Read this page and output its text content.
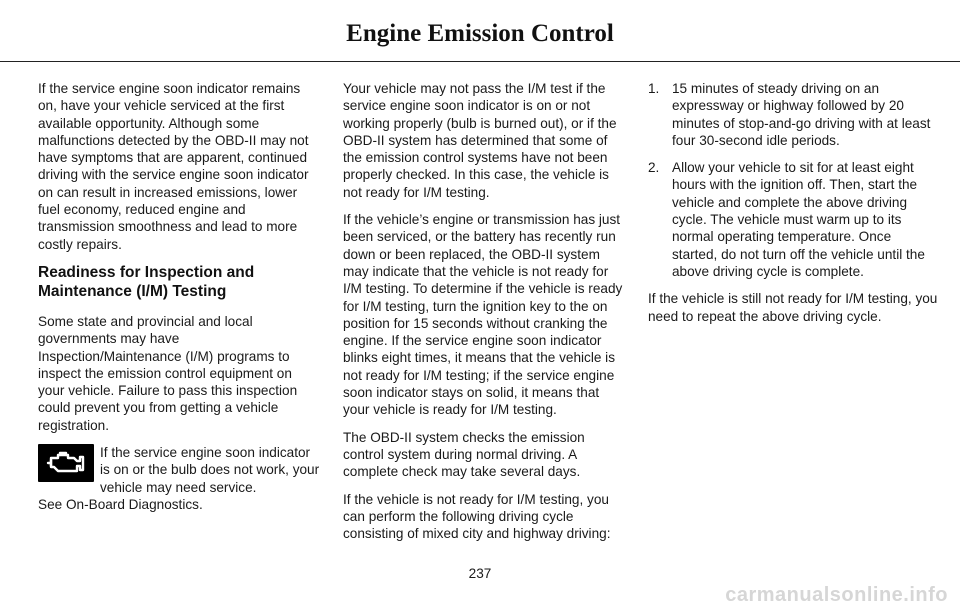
Engine Emission Control

If the service engine soon indicator remains on, have your vehicle serviced at the first available opportunity. Although some malfunctions detected by the OBD-II may not have symptoms that are apparent, continued driving with the service engine soon indicator on can result in increased emissions, lower fuel economy, reduced engine and transmission smoothness and lead to more costly repairs.

Readiness for Inspection and Maintenance (I/M) Testing

Some state and provincial and local governments may have Inspection/Maintenance (I/M) programs to inspect the emission control equipment on your vehicle. Failure to pass this inspection could prevent you from getting a vehicle registration.

If the service engine soon indicator is on or the bulb does not work, your vehicle may need service.

See On-Board Diagnostics.

Your vehicle may not pass the I/M test if the service engine soon indicator is on or not working properly (bulb is burned out), or if the OBD-II system has determined that some of the emission control systems have not been properly checked. In this case, the vehicle is not ready for I/M testing.

If the vehicle’s engine or transmission has just been serviced, or the battery has recently run down or been replaced, the OBD-II system may indicate that the vehicle is not ready for I/M testing. To determine if the vehicle is ready for I/M testing, turn the ignition key to the on position for 15 seconds without cranking the engine. If the service engine soon indicator blinks eight times, it means that the vehicle is not ready for I/M testing; if the service engine soon indicator stays on solid, it means that your vehicle is ready for I/M testing.

The OBD-II system checks the emission control system during normal driving. A complete check may take several days.

If the vehicle is not ready for I/M testing, you can perform the following driving cycle consisting of mixed city and highway driving:

1. 15 minutes of steady driving on an expressway or highway followed by 20 minutes of stop-and-go driving with at least four 30-second idle periods.
2. Allow your vehicle to sit for at least eight hours with the ignition off. Then, start the vehicle and complete the above driving cycle. The vehicle must warm up to its normal operating temperature. Once started, do not turn off the vehicle until the above driving cycle is complete.

If the vehicle is still not ready for I/M testing, you need to repeat the above driving cycle.

237
carmanualsonline.info
